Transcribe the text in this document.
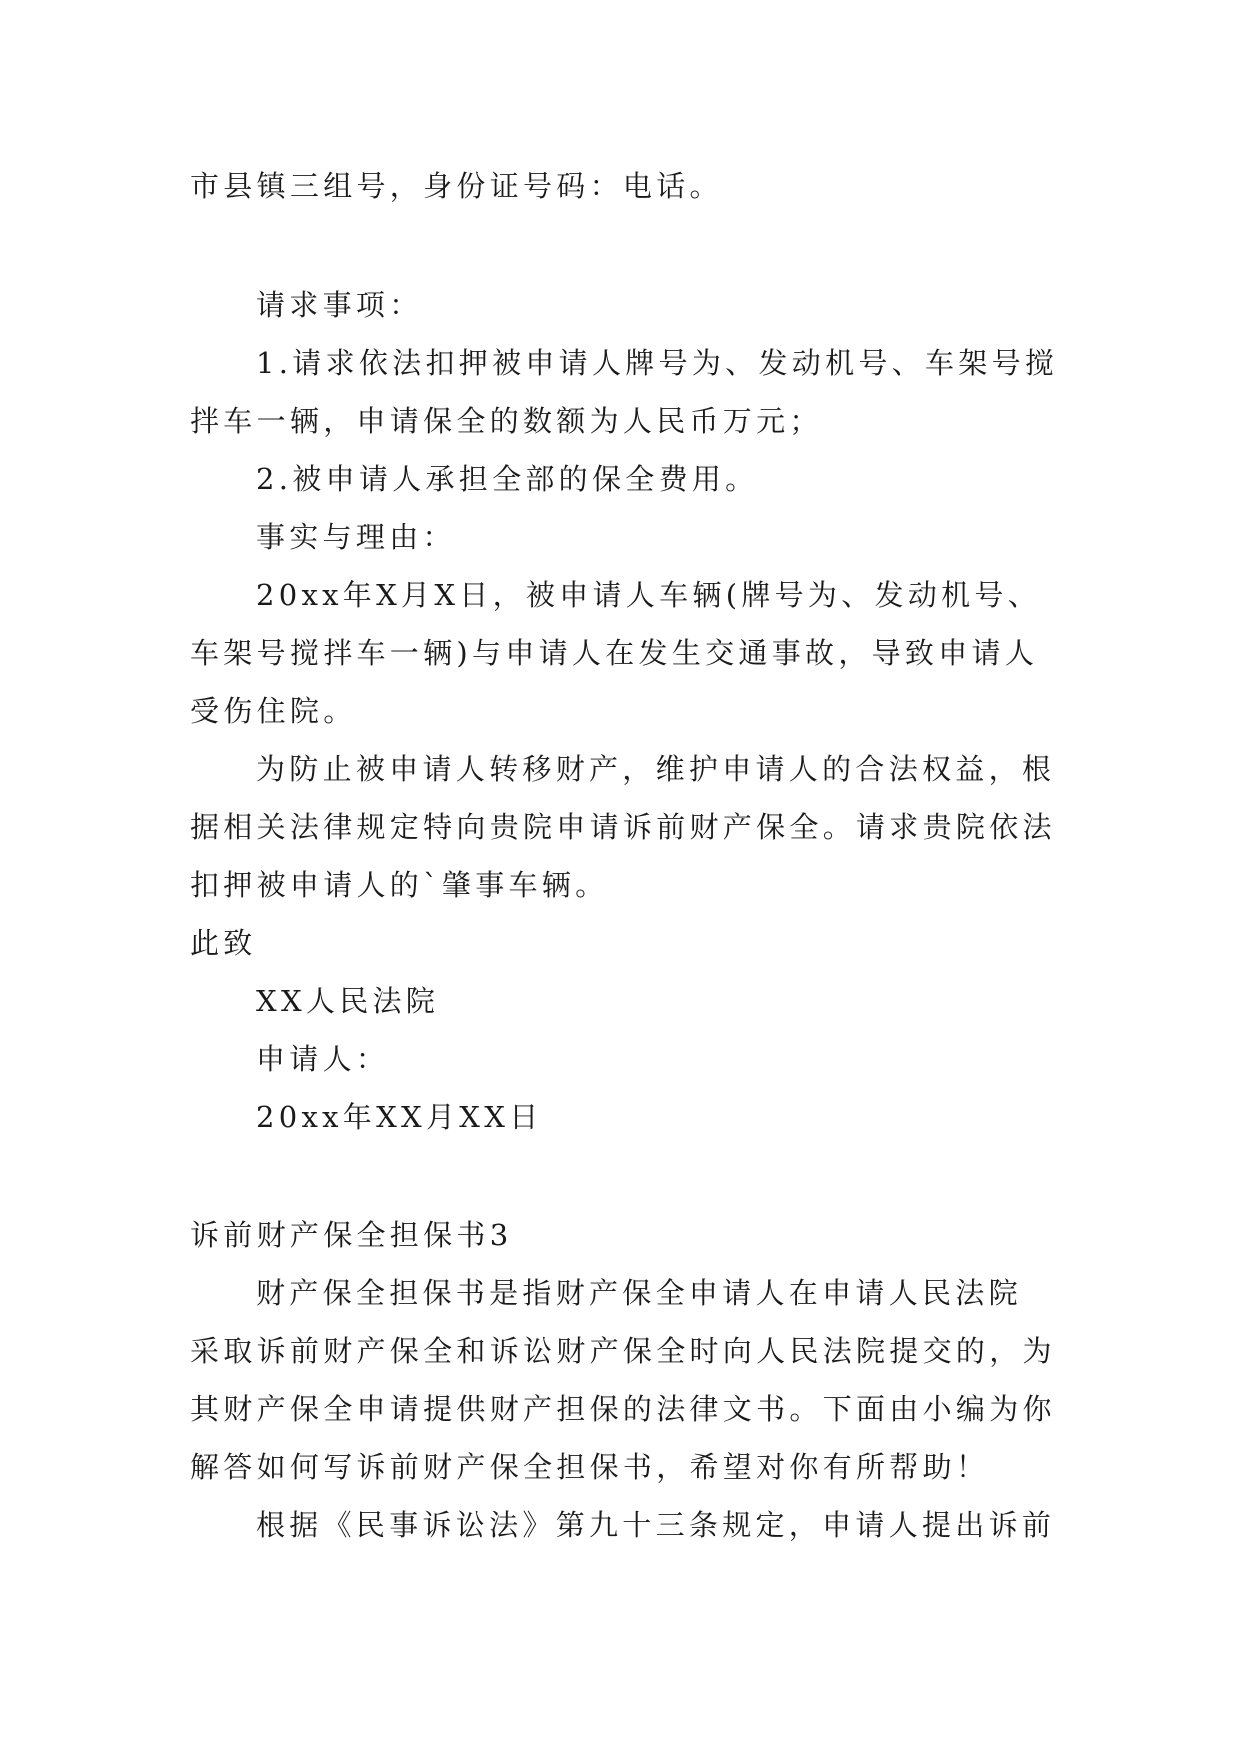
市县镇三组号，身份证号码：电话。
请求事项：
1.请求依法扣押被申请人牌号为、发动机号、车架号搅
拌车一辆，申请保全的数额为人民币万元；
2.被申请人承担全部的保全费用。
事实与理由：
20xx年X月X日，被申请人车辆(牌号为、发动机号、
车架号搅拌车一辆)与申请人在发生交通事故，导致申请人
受伤住院。
为防止被申请人转移财产，维护申请人的合法权益，根
据相关法律规定特向贵院申请诉前财产保全。请求贵院依法
扣押被申请人的`肇事车辆。
此致
XX人民法院
申请人：
20xx年XX月XX日
诉前财产保全担保书3
财产保全担保书是指财产保全申请人在申请人民法院
采取诉前财产保全和诉讼财产保全时向人民法院提交的，为
其财产保全申请提供财产担保的法律文书。下面由小编为你
解答如何写诉前财产保全担保书，希望对你有所帮助！
根据《民事诉讼法》第九十三条规定，申请人提出诉前
